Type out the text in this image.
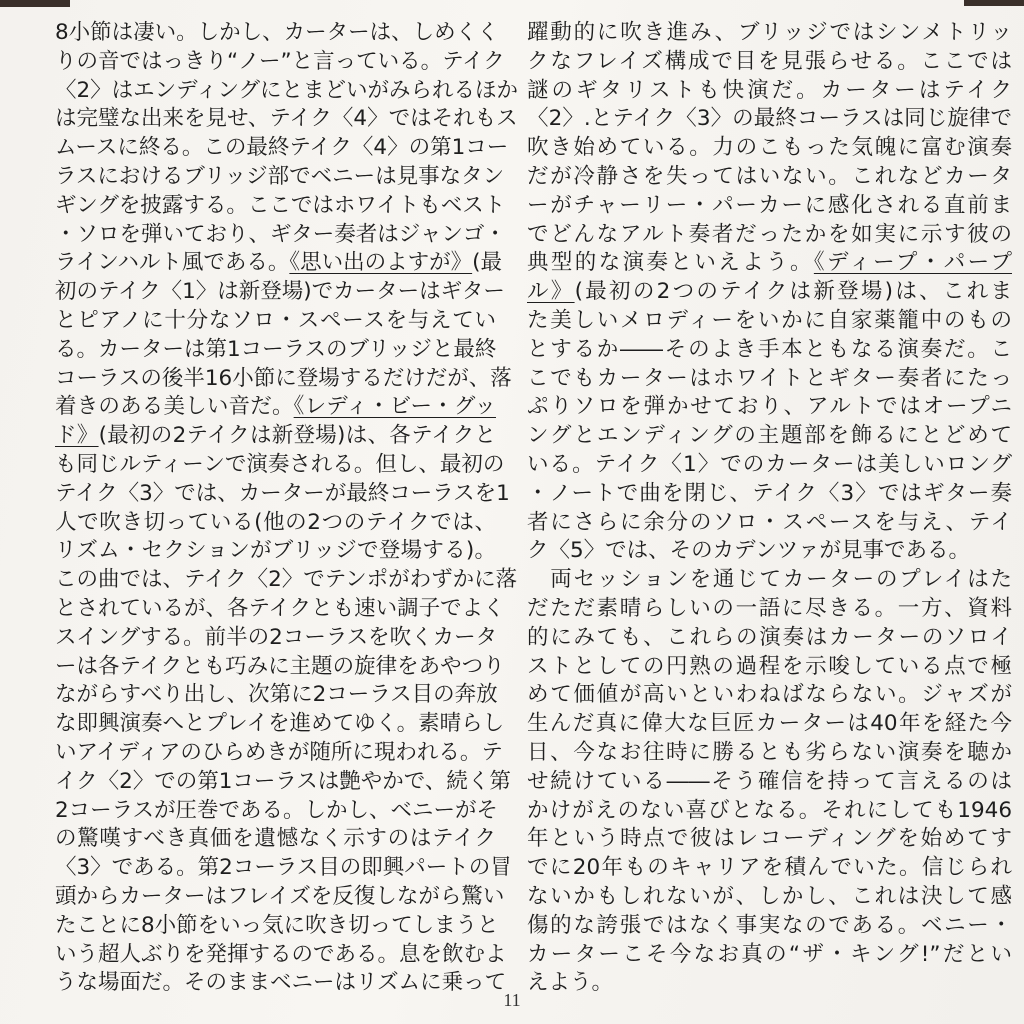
8小節は凄い。しかし、カーターは、しめくく
りの音ではっきり“ノー”と言っている。テイク
〈2〉はエンディングにとまどいがみられるほか
は完璧な出来を見せ、テイク〈4〉ではそれもス
ムースに終る。この最終テイク〈4〉の第1コー
ラスにおけるブリッジ部でベニーは見事なタン
ギングを披露する。ここではホワイトもベスト
・ソロを弾いており、ギター奏者はジャンゴ・
ラインハルト風である。《思い出のよすが》(最
初のテイク〈1〉は新登場)でカーターはギター
とピアノに十分なソロ・スペースを与えてい
る。カーターは第1コーラスのブリッジと最終
コーラスの後半16小節に登場するだけだが、落
着きのある美しい音だ。《レディ・ビー・グッ
ド》(最初の2テイクは新登場)は、各テイクと
も同じルティーンで演奏される。但し、最初の
テイク〈3〉では、カーターが最終コーラスを1
人で吹き切っている(他の2つのテイクでは、
リズム・セクションがブリッジで登場する)。
この曲では、テイク〈2〉でテンポがわずかに落
とされているが、各テイクとも速い調子でよく
スイングする。前半の2コーラスを吹くカータ
ーは各テイクとも巧みに主題の旋律をあやつり
ながらすべり出し、次第に2コーラス目の奔放
な即興演奏へとプレイを進めてゆく。素晴らし
いアイディアのひらめきが随所に現われる。テ
イク〈2〉での第1コーラスは艶やかで、続く第
2コーラスが圧巻である。しかし、ベニーがそ
の驚嘆すべき真価を遺憾なく示すのはテイク
〈3〉である。第2コーラス目の即興パートの冒
頭からカーターはフレイズを反復しながら驚い
たことに8小節をいっ気に吹き切ってしまうと
いう超人ぶりを発揮するのである。息を飲むよ
うな場面だ。そのままベニーはリズムに乗って
躍動的に吹き進み、ブリッジではシンメトリッ
クなフレイズ構成で目を見張らせる。ここでは
謎のギタリストも快演だ。カーターはテイク
〈2〉.とテイク〈3〉の最終コーラスは同じ旋律で
吹き始めている。力のこもった気魄に富む演奏
だが冷静さを失ってはいない。これなどカータ
ーがチャーリー・パーカーに感化される直前ま
でどんなアルト奏者だったかを如実に示す彼の
典型的な演奏といえよう。《ディープ・パープ
ル》(最初の2つのテイクは新登場)は、これま
た美しいメロディーをいかに自家薬籠中のもの
とするか――そのよき手本ともなる演奏だ。こ
こでもカーターはホワイトとギター奏者にたっ
ぷりソロを弾かせており、アルトではオープニ
ングとエンディングの主題部を飾るにとどめて
いる。テイク〈1〉でのカーターは美しいロング
・ノートで曲を閉じ、テイク〈3〉ではギター奏
者にさらに余分のソロ・スペースを与え、テイ
ク〈5〉では、そのカデンツァが見事である。
　両セッションを通じてカーターのプレイはた
だただ素晴らしいの一語に尽きる。一方、資料
的にみても、これらの演奏はカーターのソロイ
ストとしての円熟の過程を示唆している点で極
めて価値が高いといわねばならない。ジャズが
生んだ真に偉大な巨匠カーターは40年を経た今
日、今なお往時に勝るとも劣らない演奏を聴か
せ続けている――そう確信を持って言えるのは
かけがえのない喜びとなる。それにしても1946
年という時点で彼はレコーディングを始めてす
でに20年ものキャリアを積んでいた。信じられ
ないかもしれないが、しかし、これは決して感
傷的な誇張ではなく事実なのである。ベニー・
カーターこそ今なお真の“ザ・キング!”だとい
えよう。
11
